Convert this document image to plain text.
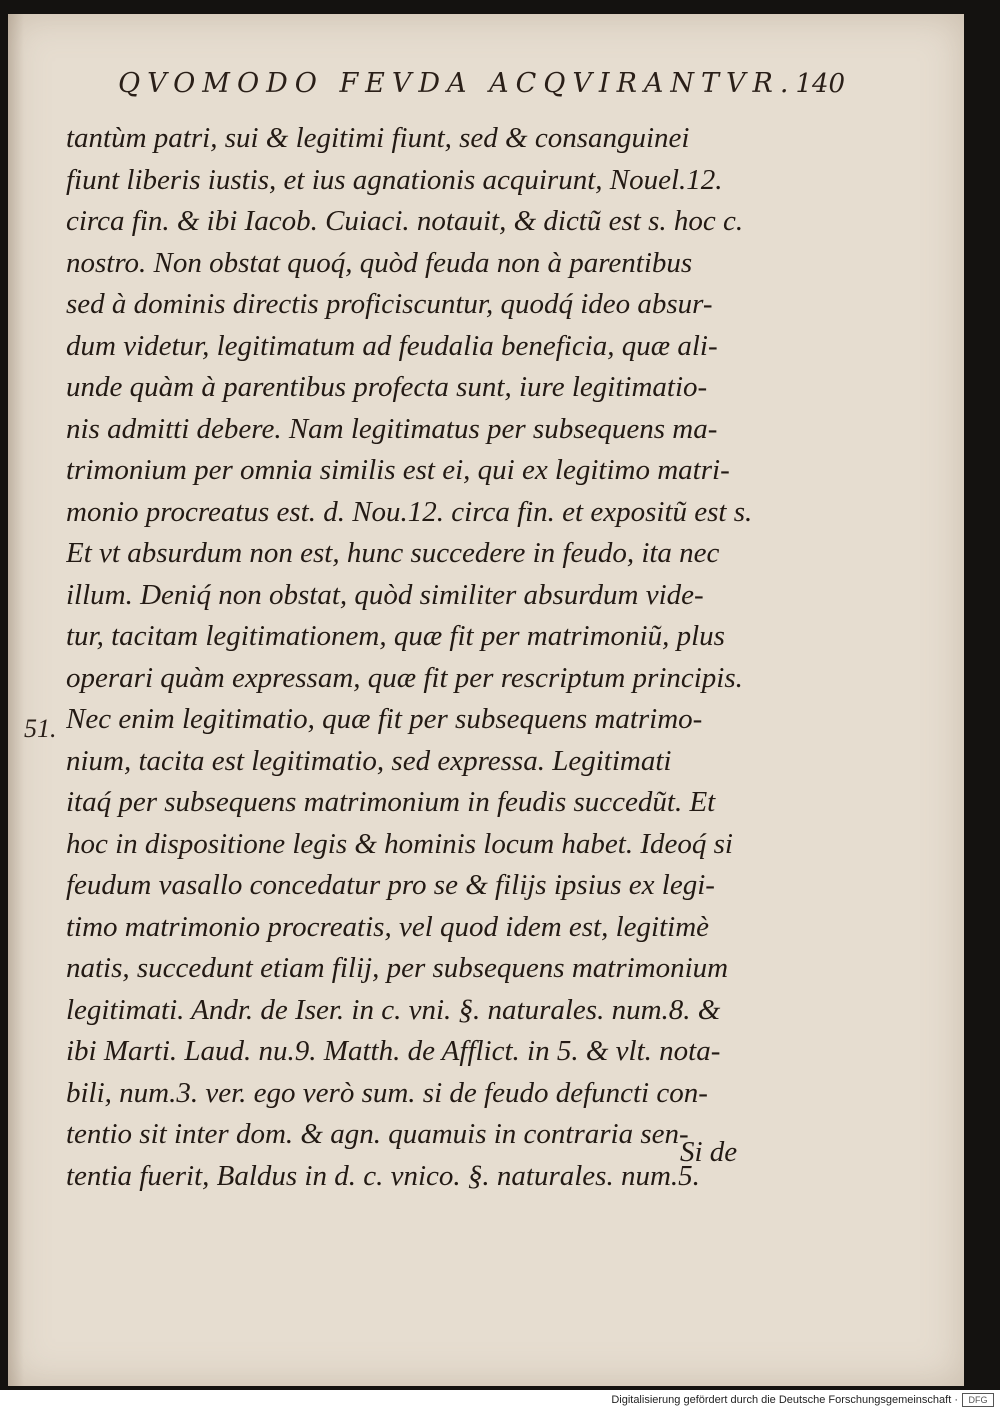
QVOMODO FEVDA ACQVIRANTVR. 140
tantùm patri, sui & legitimi fiunt, sed & consanguinei
fiunt liberis iustis, et ius agnationis acquirunt, Nouel.12.
circa fin. & ibi Iacob. Cuiaci. notauit, & dictũ est s. hoc c.
nostro. Non obstat quoq́, quòd feuda non à parentibus
sed à dominis directis proficiscuntur, quodq́ ideo absur-
dum videtur, legitimatum ad feudalia beneficia, quæ ali-
unde quàm à parentibus profecta sunt, iure legitimatio-
nis admitti debere. Nam legitimatus per subsequens ma-
trimonium per omnia similis est ei, qui ex legitimo matri-
monio procreatus est. d. Nou.12. circa fin. et expositũ est s.
Et vt absurdum non est, hunc succedere in feudo, ita nec
illum. Deniq́ non obstat, quòd similiter absurdum vide-
tur, tacitam legitimationem, quæ fit per matrimoniũ, plus
operari quàm expressam, quæ fit per rescriptum principis.
Nec enim legitimatio, quæ fit per subsequens matrimo-
nium, tacita est legitimatio, sed expressa. Legitimati
itaq́ per subsequens matrimonium in feudis succedũt. Et
hoc in dispositione legis & hominis locum habet. Ideoq́ si
feudum vasallo concedatur pro se & filijs ipsius ex legi-
timo matrimonio procreatis, vel quod idem est, legitimè
natis, succedunt etiam filij, per subsequens matrimonium
legitimati. Andr. de Iser. in c. vni. §. naturales. num.8. &
ibi Marti. Laud. nu.9. Matth. de Afflict. in 5. & vlt. nota-
bili, num.3. ver. ego verò sum. si de feudo defuncti con-
tentio sit inter dom. & agn. quamuis in contraria sen-
tentia fuerit, Baldus in d. c. vnico. §. naturales. num.5.
51.
Si de
Digitalisierung gefördert durch die Deutsche Forschungsgemeinschaft ·	DFG
